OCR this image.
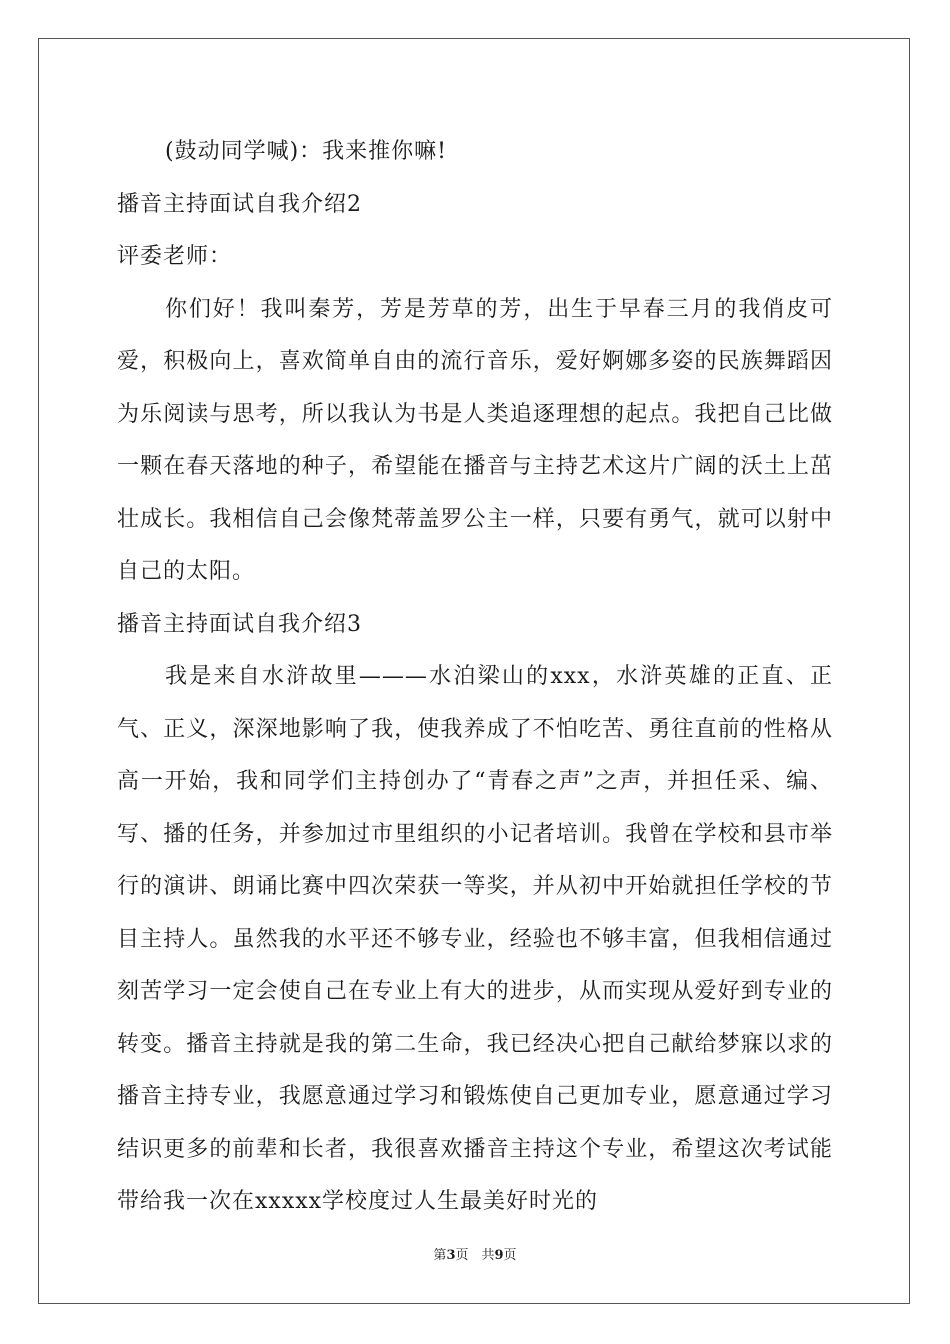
(鼓动同学喊)：我来推你嘛!

播音主持面试自我介绍2

评委老师：

你们好！我叫秦芳，芳是芳草的芳，出生于早春三月的我俏皮可爱，积极向上，喜欢简单自由的流行音乐，爱好婀娜多姿的民族舞蹈因为乐阅读与思考，所以我认为书是人类追逐理想的起点。我把自己比做一颗在春天落地的种子，希望能在播音与主持艺术这片广阔的沃土上茁壮成长。我相信自己会像梵蒂盖罗公主一样，只要有勇气，就可以射中自己的太阳。

播音主持面试自我介绍3

我是来自水浒故里———水泊梁山的xxx，水浒英雄的正直、正气、正义，深深地影响了我，使我养成了不怕吃苦、勇往直前的性格从高一开始，我和同学们主持创办了“青春之声”之声，并担任采、编、写、播的任务，并参加过市里组织的小记者培训。我曾在学校和县市举行的演讲、朗诵比赛中四次荣获一等奖，并从初中开始就担任学校的节目主持人。虽然我的水平还不够专业，经验也不够丰富，但我相信通过刻苦学习一定会使自己在专业上有大的进步，从而实现从爱好到专业的转变。播音主持就是我的第二生命，我已经决心把自己献给梦寐以求的播音主持专业，我愿意通过学习和锻炼使自己更加专业，愿意通过学习结识更多的前辈和长者，我很喜欢播音主持这个专业，希望这次考试能带给我一次在xxxxx学校度过人生最美好时光的

第3页　共9页
